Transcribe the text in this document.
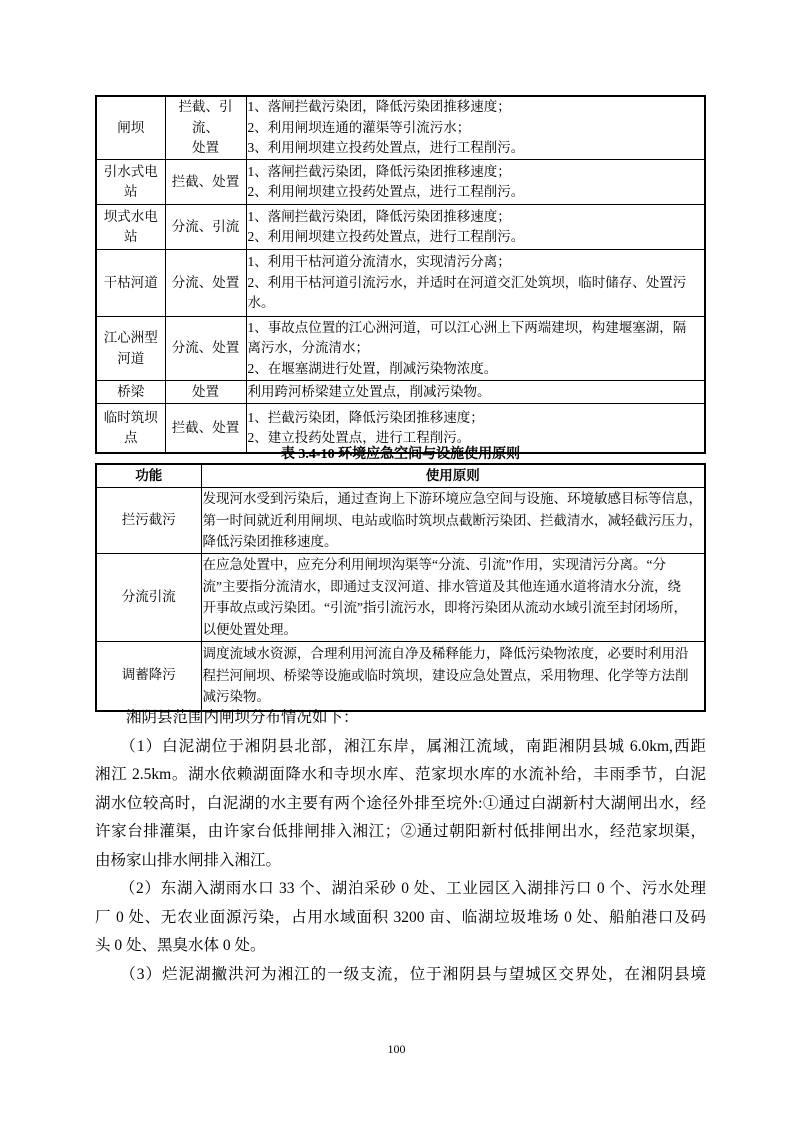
闸坝	拦截、引流、
处置	1、落闸拦截污染团，降低污染团推移速度；
2、利用闸坝连通的灌渠等引流污水；
3、利用闸坝建立投药处置点，进行工程削污。

引水式电
站	拦截、处置	1、落闸拦截污染团，降低污染团推移速度；
2、利用闸坝建立投药处置点，进行工程削污。

坝式水电
站	分流、引流	1、落闸拦截污染团，降低污染团推移速度；
2、利用闸坝建立投药处置点，进行工程削污。

干枯河道	分流、处置	1、利用干枯河道分流清水，实现清污分离；
2、利用干枯河道引流污水，并适时在河道交汇处筑坝，临时储存、处置污
水。

江心洲型
河道	分流、处置	1、事故点位置的江心洲河道，可以江心洲上下两端建坝，构建堰塞湖，隔
离污水，分流清水；
2、在堰塞湖进行处置，削减污染物浓度。

桥梁	处置	利用跨河桥梁建立处置点，削减污染物。

临时筑坝
点	拦截、处置	1、拦截污染团，降低污染团推移速度；
2、建立投药处置点，进行工程削污。
表 3.4-10 环境应急空间与设施使用原则
功能	使用原则

拦污截污	发现河水受到污染后，通过查询上下游环境应急空间与设施、环境敏感目标等信息，
第一时间就近利用闸坝、电站或临时筑坝点截断污染团、拦截清水，减轻截污压力，
降低污染团推移速度。

分流引流	在应急处置中，应充分利用闸坝沟渠等“分流、引流”作用，实现清污分离。“分
流”主要指分流清水，即通过支汊河道、排水管道及其他连通水道将清水分流，绕
开事故点或污染团。“引流”指引流污水，即将污染团从流动水域引流至封闭场所，
以便处置处理。

调蓄降污	调度流域水资源，合理利用河流自净及稀释能力，降低污染物浓度，必要时利用沿
程拦河闸坝、桥梁等设施或临时筑坝，建设应急处置点，采用物理、化学等方法削
减污染物。
　　湘阴县范围内闸坝分布情况如下：
　　（1）白泥湖位于湘阴县北部，湘江东岸，属湘江流域，南距湘阴县城 6.0km,西距
湘江 2.5km。湖水依赖湖面降水和寺坝水库、范家坝水库的水流补给，丰雨季节，白泥
湖水位较高时，白泥湖的水主要有两个途径外排至垸外:①通过白湖新村大湖闸出水，经
许家台排灌渠，由许家台低排闸排入湘江；②通过朝阳新村低排闸出水，经范家坝渠，
由杨家山排水闸排入湘江。
　　（2）东湖入湖雨水口 33 个、湖泊采砂 0 处、工业园区入湖排污口 0 个、污水处理
厂 0 处、无农业面源污染，占用水域面积 3200 亩、临湖垃圾堆场 0 处、船舶港口及码
头 0 处、黑臭水体 0 处。
　　（3）烂泥湖撇洪河为湘江的一级支流，位于湘阴县与望城区交界处，在湘阴县境
100
